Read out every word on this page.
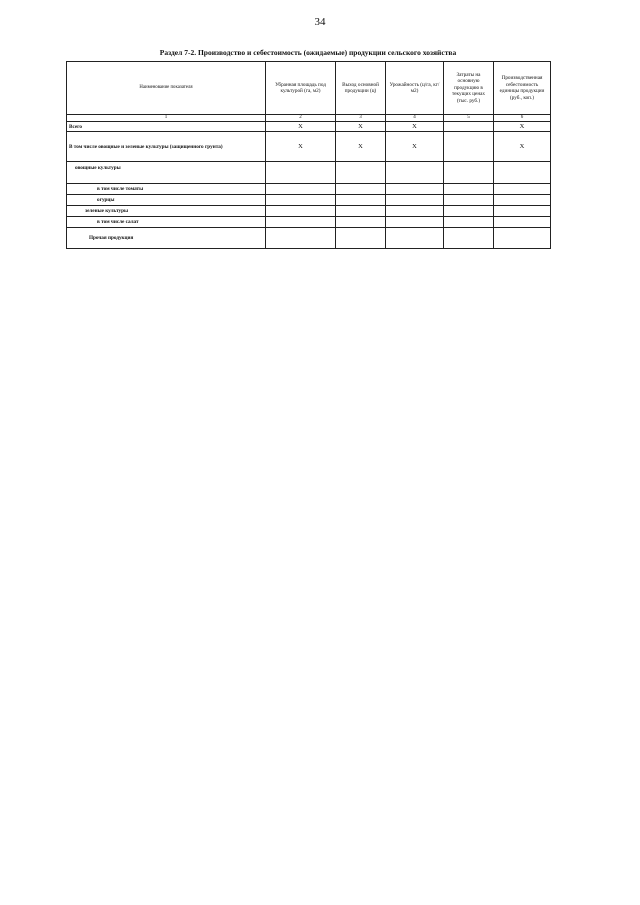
34
Раздел 7-2. Производство и себестоимость (ожидаемые) продукции сельского хозяйства
Наименование показателя	Убранная площадь под культурой (га, м2)	Выход основной продукции (ц)	Урожайность (ц/га, кг/м2)	Затраты на основную продукцию в текущих ценах (тыс. руб.)	Производственная себестоимость единицы продукции (руб., коп.)
1	2	3	4	5	6
Всего	X	X	X		X
В том числе овощные и зеленые культуры (защищенного грунта)	X	X	X		X
овощные культуры					
в том числе томаты					
огурцы					
зеленые культуры					
в том числе салат					
Прочая продукция					
